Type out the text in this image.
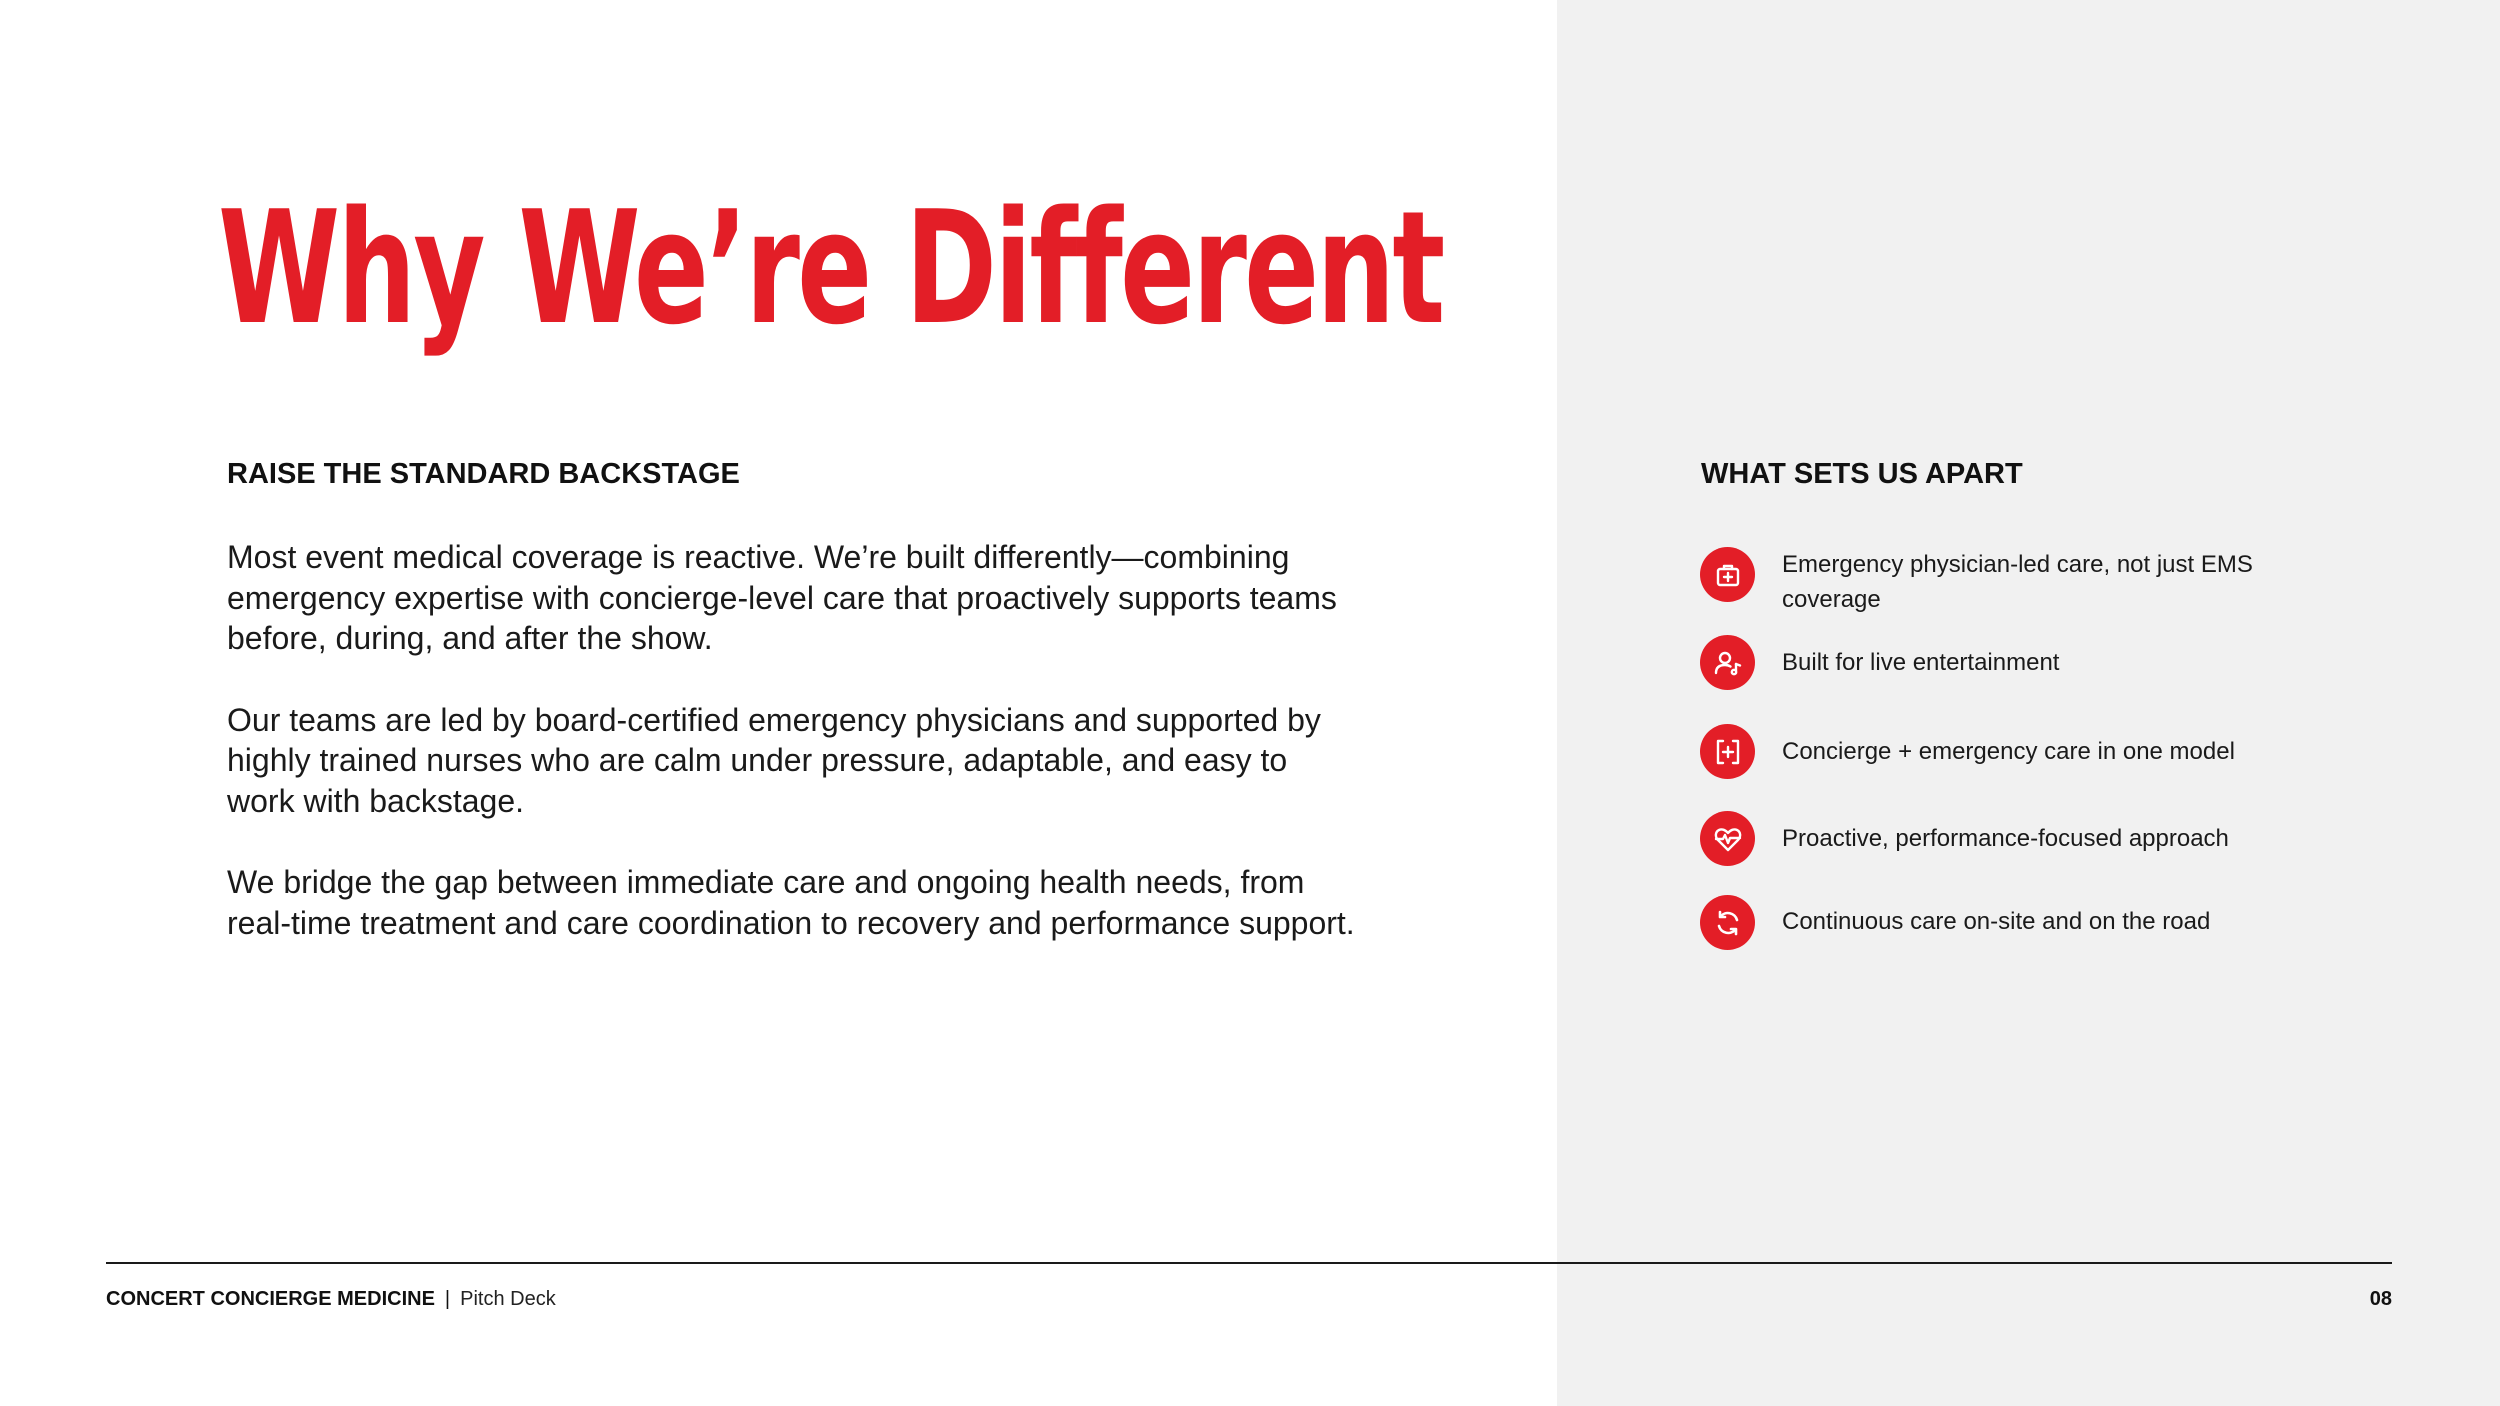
Why We’re Different
RAISE THE STANDARD BACKSTAGE

Most event medical coverage is reactive. We’re built differently—combining emergency expertise with concierge-level care that proactively supports teams before, during, and after the show.

Our teams are led by board-certified emergency physicians and supported by highly trained nurses who are calm under pressure, adaptable, and easy to work with backstage.

We bridge the gap between immediate care and ongoing health needs, from real-time treatment and care coordination to recovery and performance support.

WHAT SETS US APART
Emergency physician-led care, not just EMS coverage
Built for live entertainment
Concierge + emergency care in one model
Proactive, performance-focused approach
Continuous care on-site and on the road
CONCERT CONCIERGE MEDICINE | Pitch Deck	08
